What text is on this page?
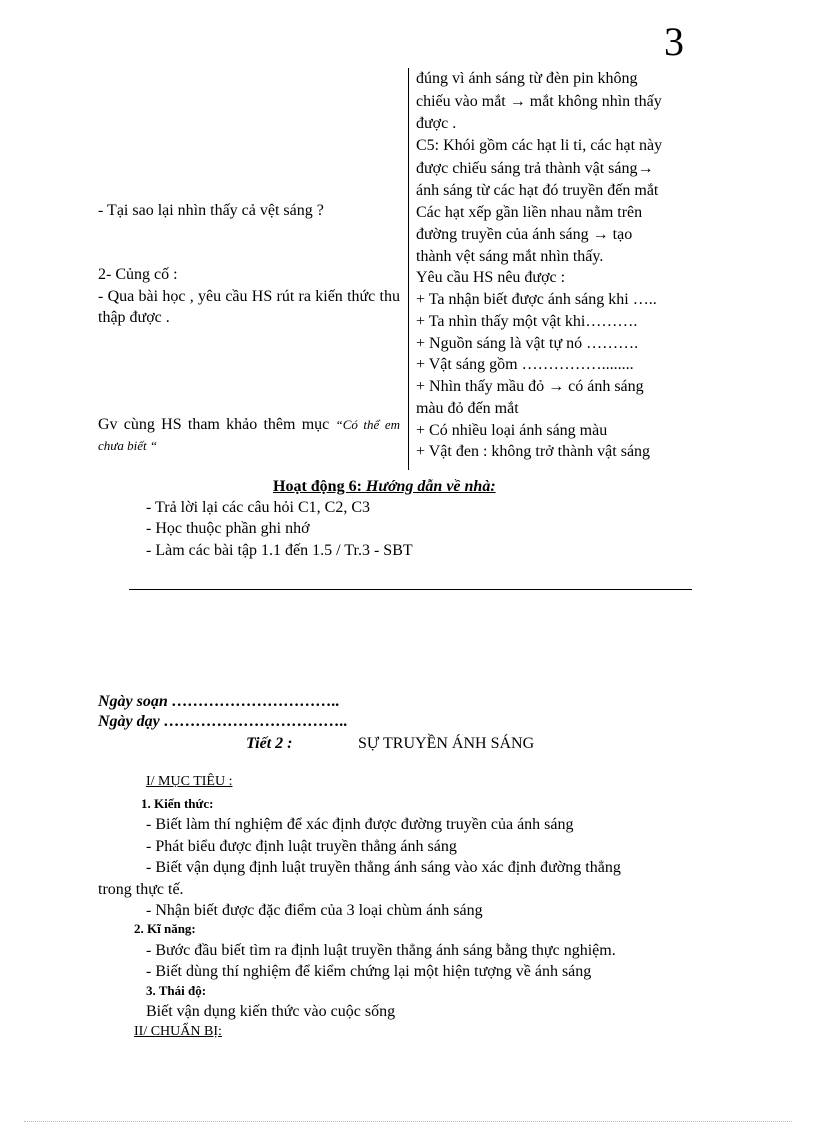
3
đúng vì ánh sáng từ đèn pin không
chiếu vào mắt → mắt không nhìn thấy
được .
C5: Khói gồm các hạt li ti, các hạt này
được chiếu sáng trả thành vật sáng→
ánh sáng từ các hạt đó truyền đến mắt
Các hạt xếp gần liền nhau nằm trên
đường truyền của ánh sáng → tạo
thành vệt sáng mắt nhìn thấy.
Yêu cầu HS nêu được :
+ Ta nhận biết được ánh sáng khi …..
+ Ta nhìn thấy một vật khi……….
+ Nguồn sáng là vật tự nó ……….
+ Vật sáng gồm ……………........
+ Nhìn thấy mầu đỏ → có ánh sáng
màu đỏ đến mắt
+ Có nhiều loại ánh sáng màu
+ Vật đen : không trở thành vật sáng
- Tại sao lại nhìn thấy cả vệt sáng ?
2- Củng cố :
- Qua bài học , yêu cầu HS rút ra kiến thức thu thập được .
Gv cùng HS tham khảo thêm mục “Có thể em chưa biết “
Hoạt động 6: Hướng dẫn về nhà:
- Trả lời lại các câu hỏi C1, C2, C3
- Học thuộc phần ghi nhớ
- Làm các bài tập 1.1 đến 1.5 / Tr.3 - SBT
Ngày soạn …………………………..
Ngày dạy ……………………………..
Tiết 2 :	SỰ TRUYỀN ÁNH SÁNG
I/ MỤC TIÊU :
1. Kiến thức:
- Biết làm thí nghiệm để xác định được đường truyền của ánh sáng
- Phát biểu được định luật truyền thẳng ánh sáng
- Biết vận dụng định luật truyền thẳng ánh sáng vào xác định đường thẳng
trong thực tế.
- Nhận biết được đặc điểm của 3 loại chùm ánh sáng
2. Kĩ năng:
- Bước đầu biết tìm ra định luật truyền thẳng ánh sáng bằng thực nghiệm.
- Biết dùng thí nghiệm để kiểm chứng lại một hiện tượng về ánh sáng
3. Thái độ:
Biết vận dụng kiến thức vào cuộc sống
II/ CHUẨN BỊ:
